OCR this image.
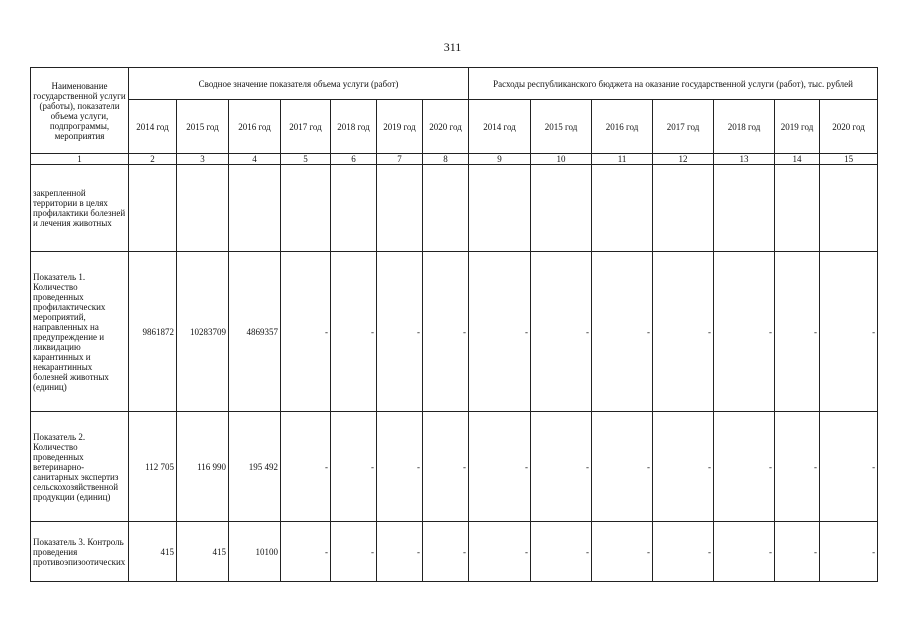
311
Наименование государственной услуги (работы), показатели объема услуги, подпрограммы, мероприятия	Сводное значение показателя объема услуги (работ)							Расходы республиканского бюджета на оказание государственной услуги (работ), тыс. рублей						
	2014 год	2015 год	2016 год	2017 год	2018 год	2019 год	2020 год	2014 год	2015 год	2016 год	2017 год	2018 год	2019 год	2020 год
1	2	3	4	5	6	7	8	9	10	11	12	13	14	15
закрепленной территории в целях профилактики болезней и лечения животных														
Показатель 1. Количество проведенных профилактических мероприятий, направленных на предупреждение и ликвидацию карантинных и некарантинных болезней животных (единиц)	9861872	10283709	4869357	-	-	-	-	-	-	-	-	-	-	-
Показатель 2. Количество проведенных ветеринарно-санитарных экспертиз сельскохозяйственной продукции (единиц)	112 705	116 990	195 492	-	-	-	-	-	-	-	-	-	-	-
Показатель 3. Контроль проведения противоэпизоотических	415	415	10100	-	-	-	-	-	-	-	-	-	-	-
